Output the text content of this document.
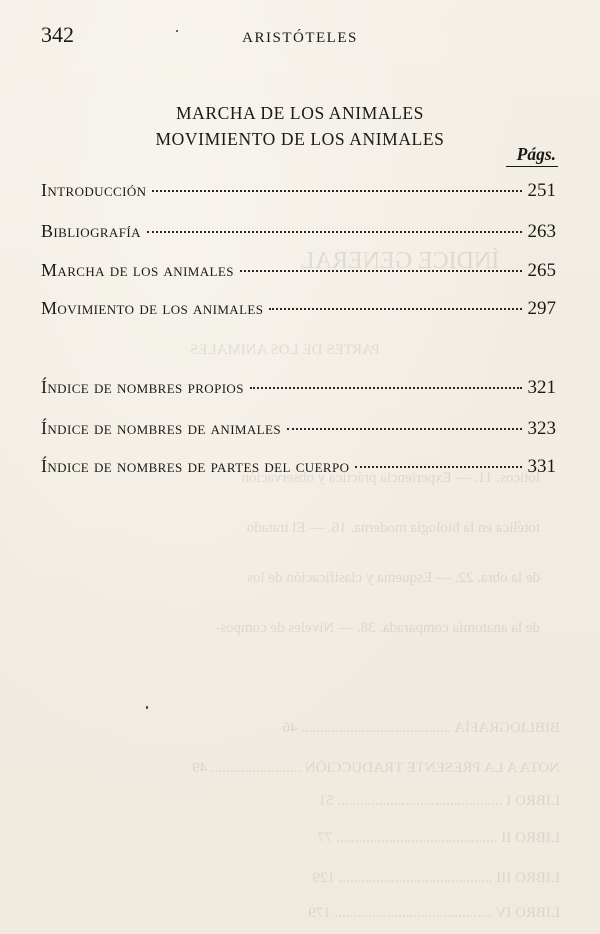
ÍNDICE GENERAL
PARTES DE LOS ANIMALES
lóticos. 11. — Experiencia práctica y observación
totélica en la biología moderna. 16. — El tratado
de la obra. 22. — Esquema y clasificación de los
de la anatomía comparada. 38. — Niveles de compos-
BIBLIOGRAFÍA ........................................ 46
NOTA A LA PRESENTE TRADUCCIÓN ........................ 49
LIBRO I ............................................ 51
LIBRO II ........................................... 77
LIBRO III ......................................... 129
LIBRO IV .......................................... 179
342	ARISTÓTELES
MARCHA DE LOS ANIMALES
MOVIMIENTO DE LOS ANIMALES
Págs.
Introducción	251
Bibliografía	263
Marcha de los animales	265
Movimiento de los animales	297
Índice de nombres propios	321
Índice de nombres de animales	323
Índice de nombres de partes del cuerpo	331
